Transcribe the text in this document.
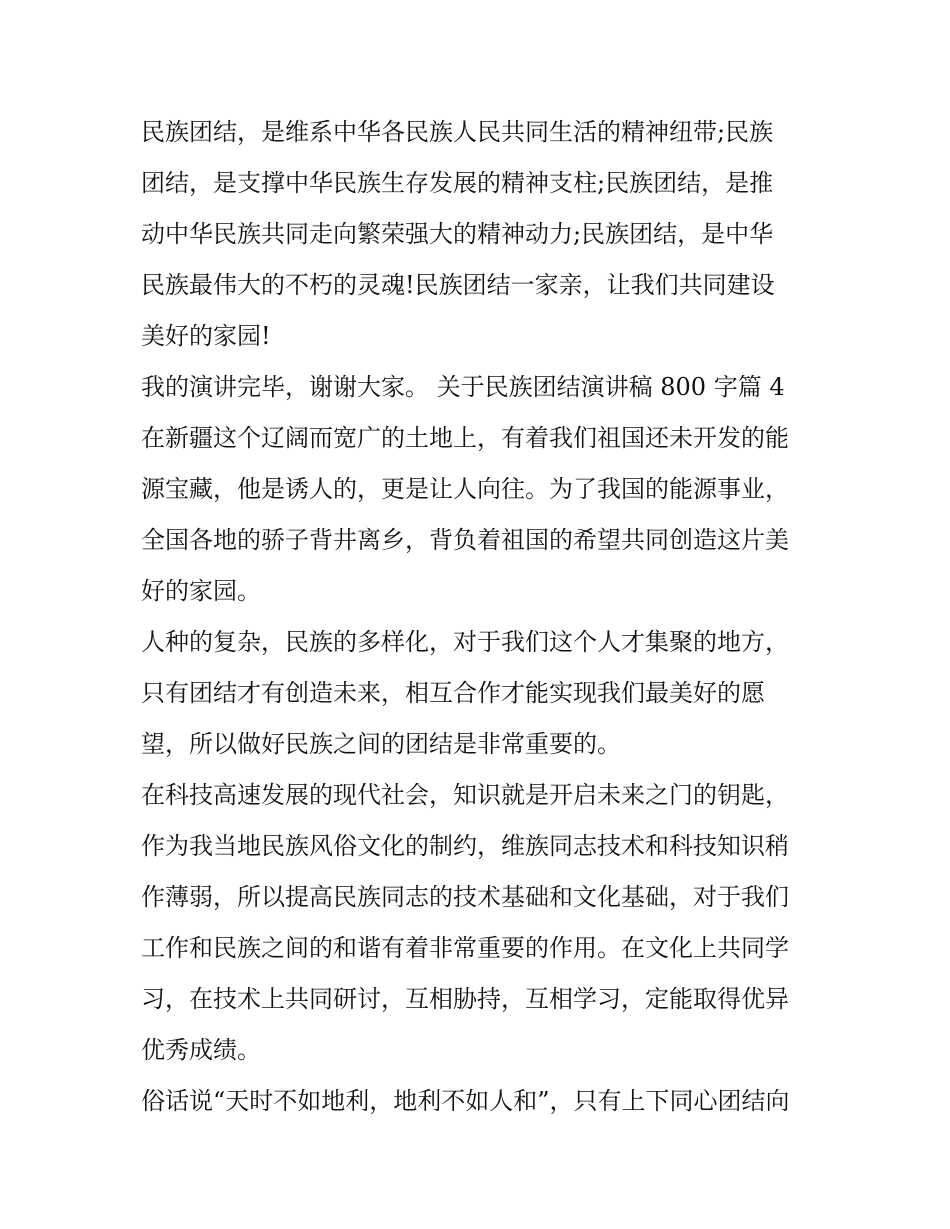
民族团结，是维系中华各民族人民共同生活的精神纽带;民族
团结，是支撑中华民族生存发展的精神支柱;民族团结，是推
动中华民族共同走向繁荣强大的精神动力;民族团结，是中华
民族最伟大的不朽的灵魂!民族团结一家亲，让我们共同建设
美好的家园!
我的演讲完毕，谢谢大家。 关于民族团结演讲稿 800 字篇 4
在新疆这个辽阔而宽广的土地上，有着我们祖国还未开发的能
源宝藏，他是诱人的，更是让人向往。为了我国的能源事业，
全国各地的骄子背井离乡，背负着祖国的希望共同创造这片美
好的家园。
人种的复杂，民族的多样化，对于我们这个人才集聚的地方，
只有团结才有创造未来，相互合作才能实现我们最美好的愿
望，所以做好民族之间的团结是非常重要的。
在科技高速发展的现代社会，知识就是开启未来之门的钥匙，
作为我当地民族风俗文化的制约，维族同志技术和科技知识稍
作薄弱，所以提高民族同志的技术基础和文化基础，对于我们
工作和民族之间的和谐有着非常重要的作用。在文化上共同学
习，在技术上共同研讨，互相胁持，互相学习，定能取得优异
优秀成绩。
俗话说“天时不如地利，地利不如人和”，只有上下同心团结向
